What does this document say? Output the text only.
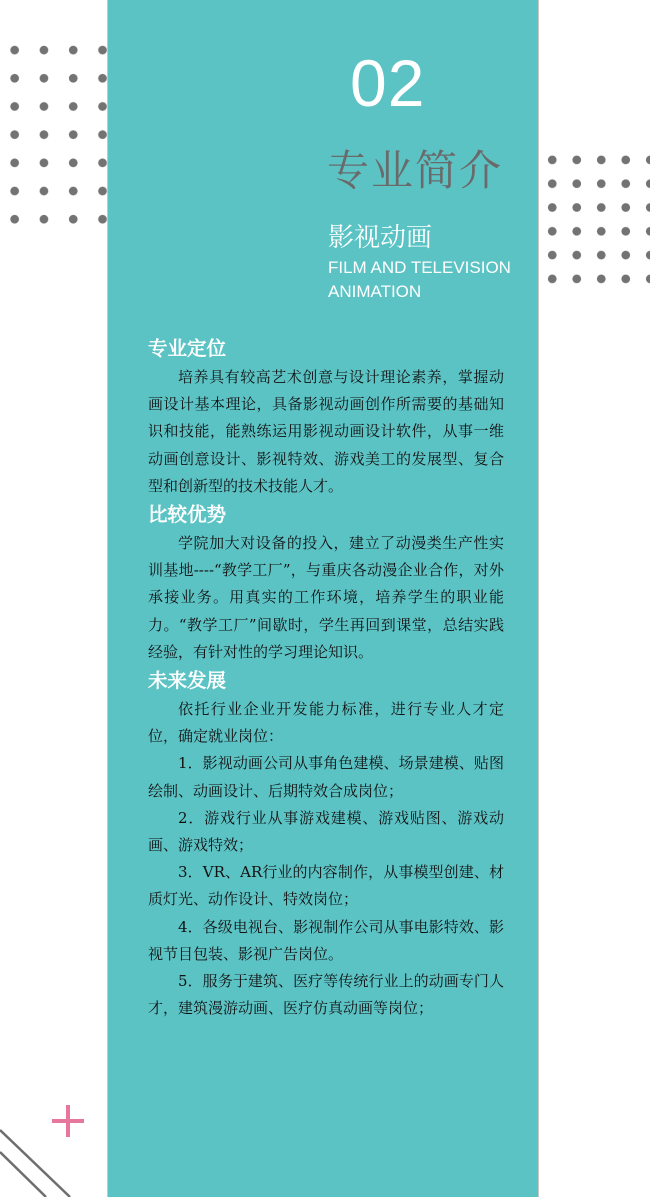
02
专业简介
影视动画
FILM AND TELEVISION
ANIMATION
专业定位

培养具有较高艺术创意与设计理论素养，掌握动画设计基本理论，具备影视动画创作所需要的基础知识和技能，能熟练运用影视动画设计软件，从事一维动画创意设计、影视特效、游戏美工的发展型、复合型和创新型的技术技能人才。

比较优势

学院加大对设备的投入，建立了动漫类生产性实训基地----“教学工厂”，与重庆各动漫企业合作，对外承接业务。用真实的工作环境，培养学生的职业能力。“教学工厂”间歇时，学生再回到课堂，总结实践经验，有针对性的学习理论知识。

未来发展

依托行业企业开发能力标准，进行专业人才定位，确定就业岗位：

1．影视动画公司从事角色建模、场景建模、贴图绘制、动画设计、后期特效合成岗位；

2．游戏行业从事游戏建模、游戏贴图、游戏动画、游戏特效；

3．VR、AR行业的内容制作，从事模型创建、材质灯光、动作设计、特效岗位；

4．各级电视台、影视制作公司从事电影特效、影视节目包装、影视广告岗位。

5．服务于建筑、医疗等传统行业上的动画专门人才，建筑漫游动画、医疗仿真动画等岗位；
